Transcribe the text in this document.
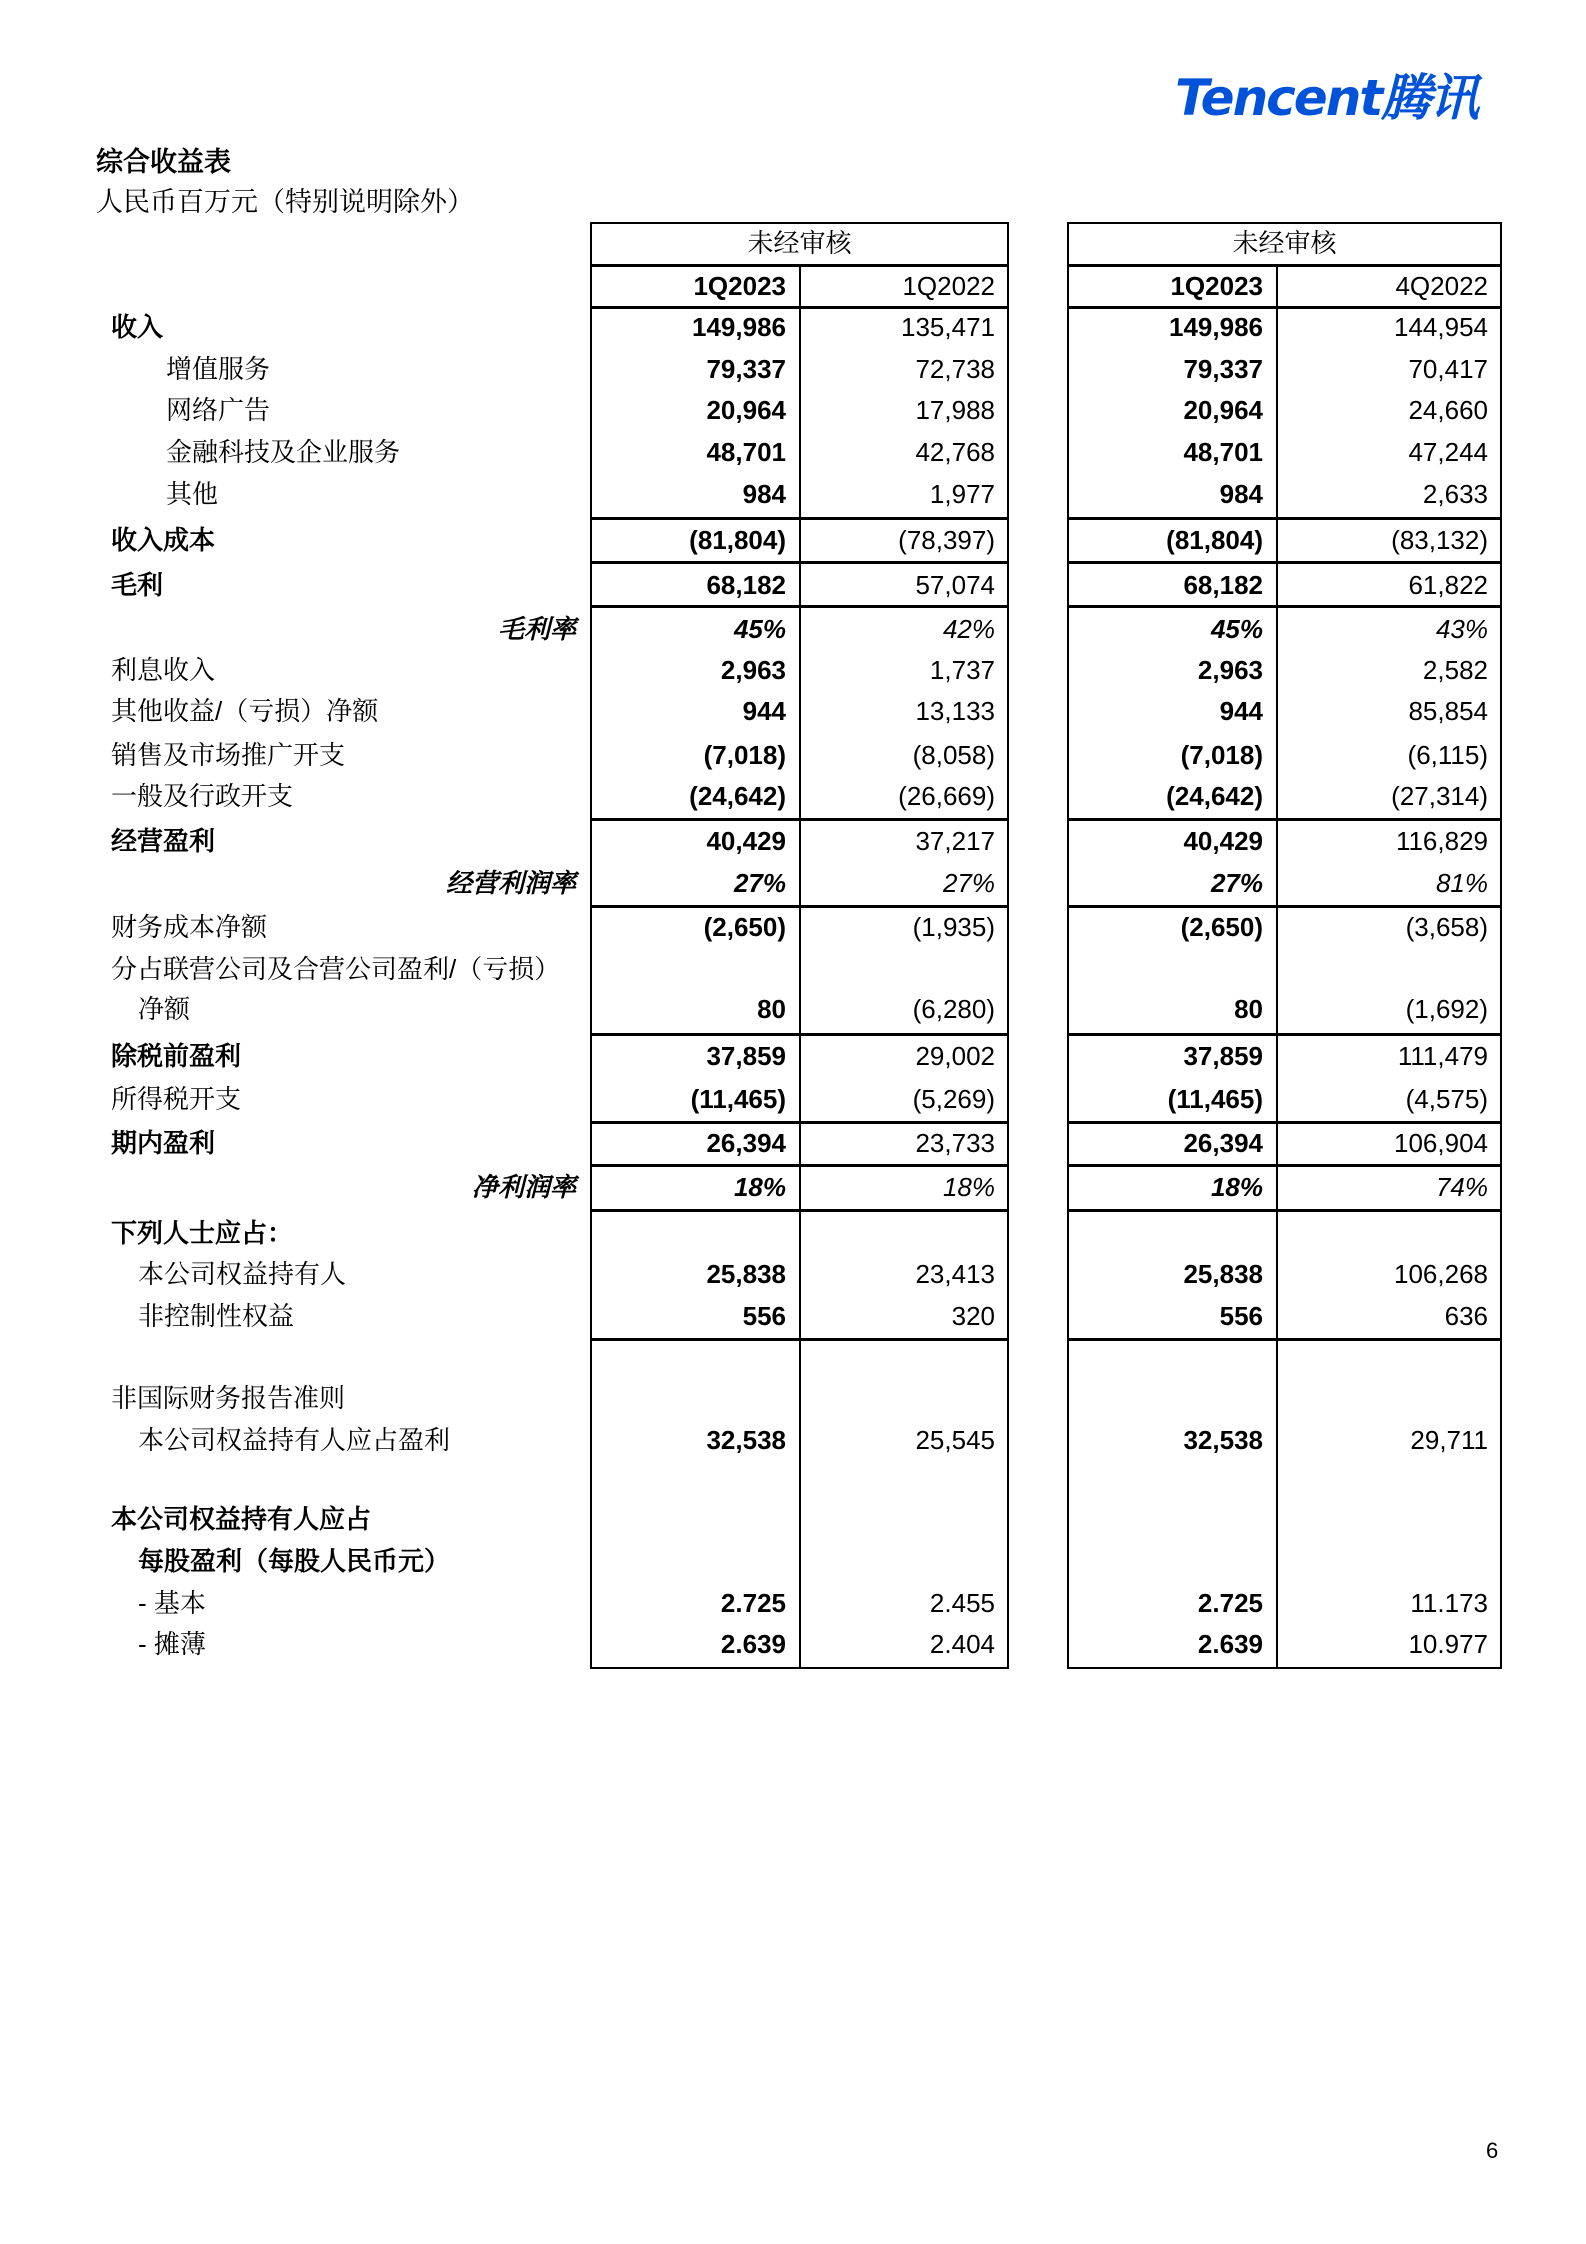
Tencent腾讯
综合收益表
人民币百万元（特别说明除外）
未经审核
1Q2023	1Q2022
未经审核
1Q2023	4Q2022
收入	149,986	135,471	149,986	144,954
增值服务	79,337	72,738	79,337	70,417
网络广告	20,964	17,988	20,964	24,660
金融科技及企业服务	48,701	42,768	48,701	47,244
其他	984	1,977	984	2,633
收入成本	(81,804)	(78,397)	(81,804)	(83,132)
毛利	68,182	57,074	68,182	61,822
毛利率	45%	42%	45%	43%
利息收入	2,963	1,737	2,963	2,582
其他收益/（亏损）净额	944	13,133	944	85,854
销售及市场推广开支	(7,018)	(8,058)	(7,018)	(6,115)
一般及行政开支	(24,642)	(26,669)	(24,642)	(27,314)
经营盈利	40,429	37,217	40,429	116,829
经营利润率	27%	27%	27%	81%
财务成本净额	(2,650)	(1,935)	(2,650)	(3,658)
分占联营公司及合营公司盈利/（亏损）
净额	80	(6,280)	80	(1,692)
除税前盈利	37,859	29,002	37,859	111,479
所得税开支	(11,465)	(5,269)	(11,465)	(4,575)
期内盈利	26,394	23,733	26,394	106,904
净利润率	18%	18%	18%	74%
下列人士应占：
本公司权益持有人	25,838	23,413	25,838	106,268
非控制性权益	556	320	556	636
非国际财务报告准则
本公司权益持有人应占盈利	32,538	25,545	32,538	29,711
本公司权益持有人应占
每股盈利（每股人民币元）
- 基本	2.725	2.455	2.725	11.173
- 摊薄	2.639	2.404	2.639	10.977
6
